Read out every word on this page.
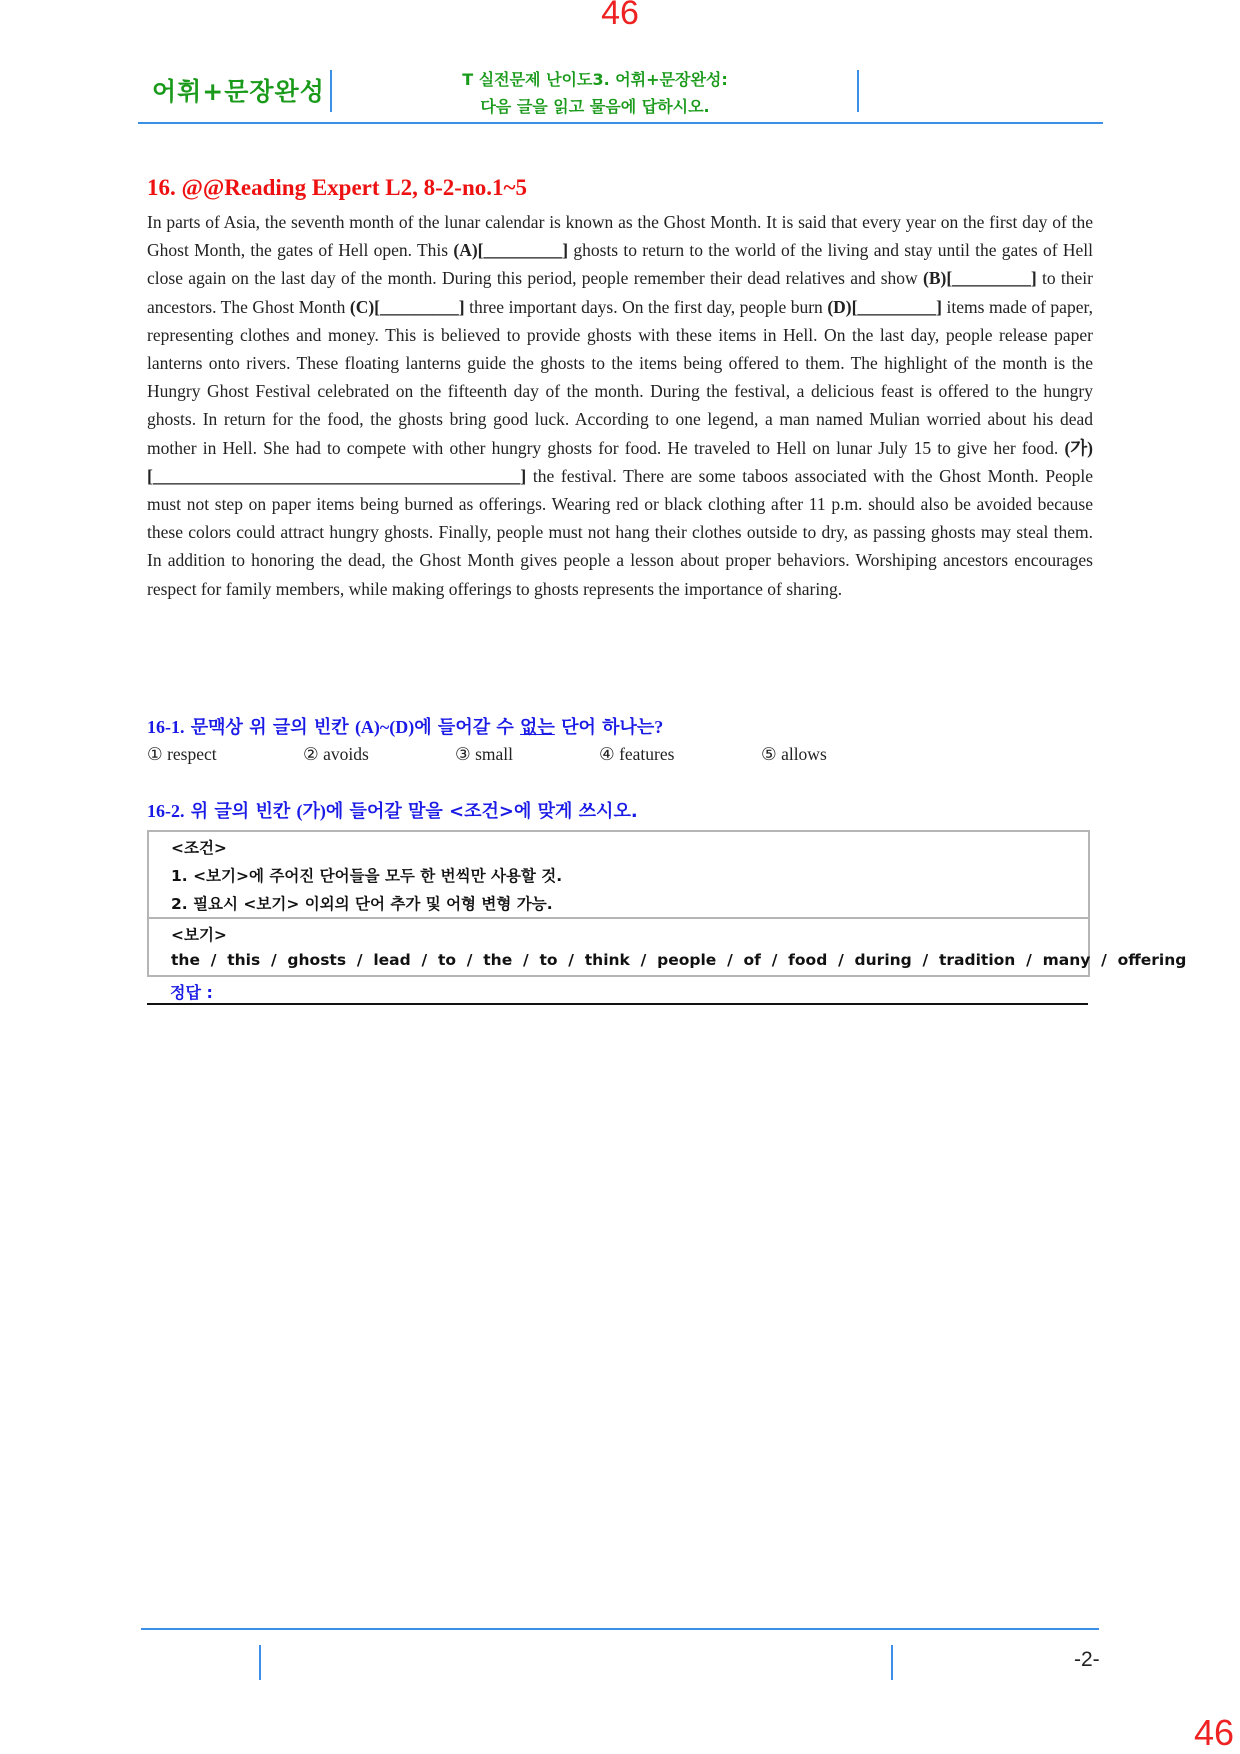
46
46
어휘+문장완성	T 실전문제 난이도3. 어휘+문장완성:
다음 글을 읽고 물음에 답하시오.
16. @@Reading Expert L2, 8-2-no.1~5
In parts of Asia, the seventh month of the lunar calendar is known as the Ghost Month. It is said that every year on the first day of the Ghost Month, the gates of Hell open. This (A)[_________] ghosts to return to the world of the living and stay until the gates of Hell close again on the last day of the month. During this period, people remember their dead relatives and show (B)[_________] to their ancestors. The Ghost Month (C)[_________] three important days. On the first day, people burn (D)[_________] items made of paper, representing clothes and money. This is believed to provide ghosts with these items in Hell. On the last day, people release paper lanterns onto rivers. These floating lanterns guide the ghosts to the items being offered to them. The highlight of the month is the Hungry Ghost Festival celebrated on the fifteenth day of the month. During the festival, a delicious feast is offered to the hungry ghosts. In return for the food, the ghosts bring good luck. According to one legend, a man named Mulian worried about his dead mother in Hell. She had to compete with other hungry ghosts for food. He traveled to Hell on lunar July 15 to give her food. (가)[__________________________________________] the festival. There are some taboos associated with the Ghost Month. People must not step on paper items being burned as offerings. Wearing red or black clothing after 11 p.m. should also be avoided because these colors could attract hungry ghosts. Finally, people must not hang their clothes outside to dry, as passing ghosts may steal them. In addition to honoring the dead, the Ghost Month gives people a lesson about proper behaviors. Worshiping ancestors encourages respect for family members, while making offerings to ghosts represents the importance of sharing.
16-1. 문맥상 위 글의 빈칸 (A)~(D)에 들어갈 수 없는 단어 하나는?
① respect	② avoids	③ small	④ features	⑤ allows
16-2. 위 글의 빈칸 (가)에 들어갈 말을 <조건>에 맞게 쓰시오.
<조건>
1. <보기>에 주어진 단어들을 모두 한 번씩만 사용할 것.
2. 필요시 <보기> 이외의 단어 추가 및 어형 변형 가능.
<보기>
the  /  this  /  ghosts  /  lead  /  to  /  the  /  to  /  think  /  people  /  of  /  food  /  during  /  tradition  /  many  /  offering
정답 :
-2-
